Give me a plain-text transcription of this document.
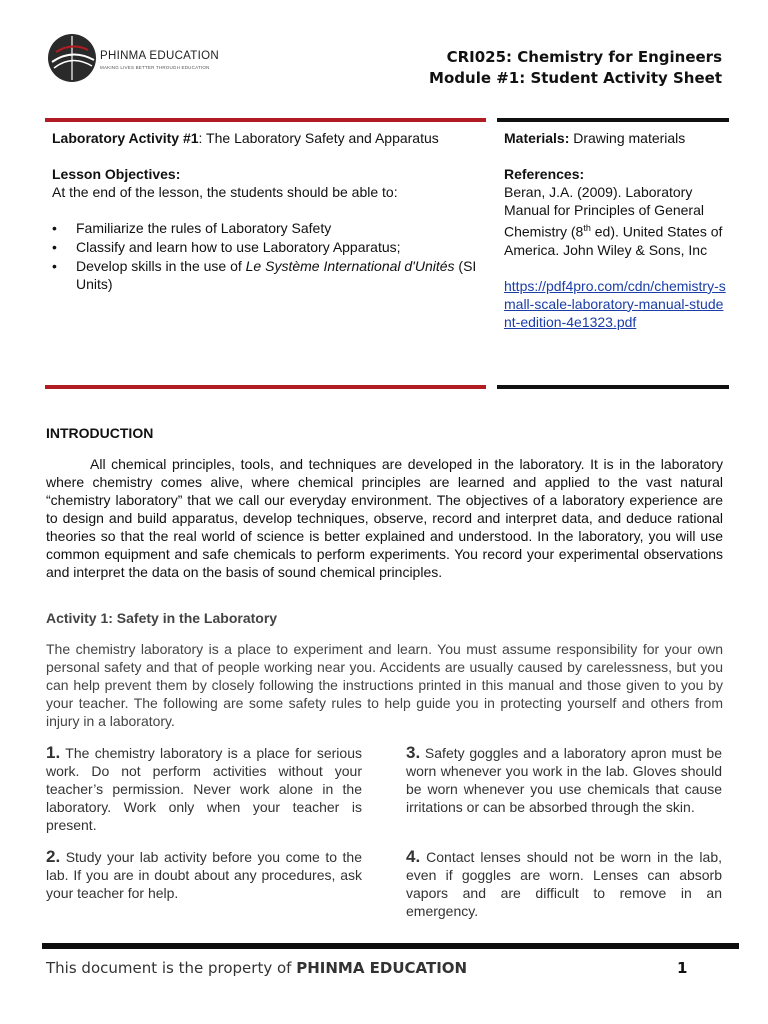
PHINMA EDUCATION
MAKING LIVES BETTER THROUGH EDUCATION
CRI025: Chemistry for Engineers
Module #1: Student Activity Sheet
Laboratory Activity #1: The Laboratory Safety and Apparatus
Lesson Objectives:
At the end of the lesson, the students should be able to:
• Familiarize the rules of Laboratory Safety
• Classify and learn how to use Laboratory Apparatus;
• Develop skills in the use of Le Système International d'Unités (SI Units)
Materials: Drawing materials
References:
Beran, J.A. (2009). Laboratory Manual for Principles of General Chemistry (8th ed). United States of America. John Wiley & Sons, Inc
https://pdf4pro.com/cdn/chemistry-small-scale-laboratory-manual-student-edition-4e1323.pdf
INTRODUCTION
All chemical principles, tools, and techniques are developed in the laboratory. It is in the laboratory where chemistry comes alive, where chemical principles are learned and applied to the vast natural “chemistry laboratory” that we call our everyday environment. The objectives of a laboratory experience are to design and build apparatus, develop techniques, observe, record and interpret data, and deduce rational theories so that the real world of science is better explained and understood. In the laboratory, you will use common equipment and safe chemicals to perform experiments. You record your experimental observations and interpret the data on the basis of sound chemical principles.
Activity 1: Safety in the Laboratory
The chemistry laboratory is a place to experiment and learn. You must assume responsibility for your own personal safety and that of people working near you. Accidents are usually caused by carelessness, but you can help prevent them by closely following the instructions printed in this manual and those given to you by your teacher. The following are some safety rules to help guide you in protecting yourself and others from injury in a laboratory.
1. The chemistry laboratory is a place for serious work. Do not perform activities without your teacher’s permission. Never work alone in the laboratory. Work only when your teacher is present.
2. Study your lab activity before you come to the lab. If you are in doubt about any procedures, ask your teacher for help.
3. Safety goggles and a laboratory apron must be worn whenever you work in the lab. Gloves should be worn whenever you use chemicals that cause irritations or can be absorbed through the skin.
4. Contact lenses should not be worn in the lab, even if goggles are worn. Lenses can absorb vapors and are difficult to remove in an emergency.
This document is the property of PHINMA EDUCATION	1
